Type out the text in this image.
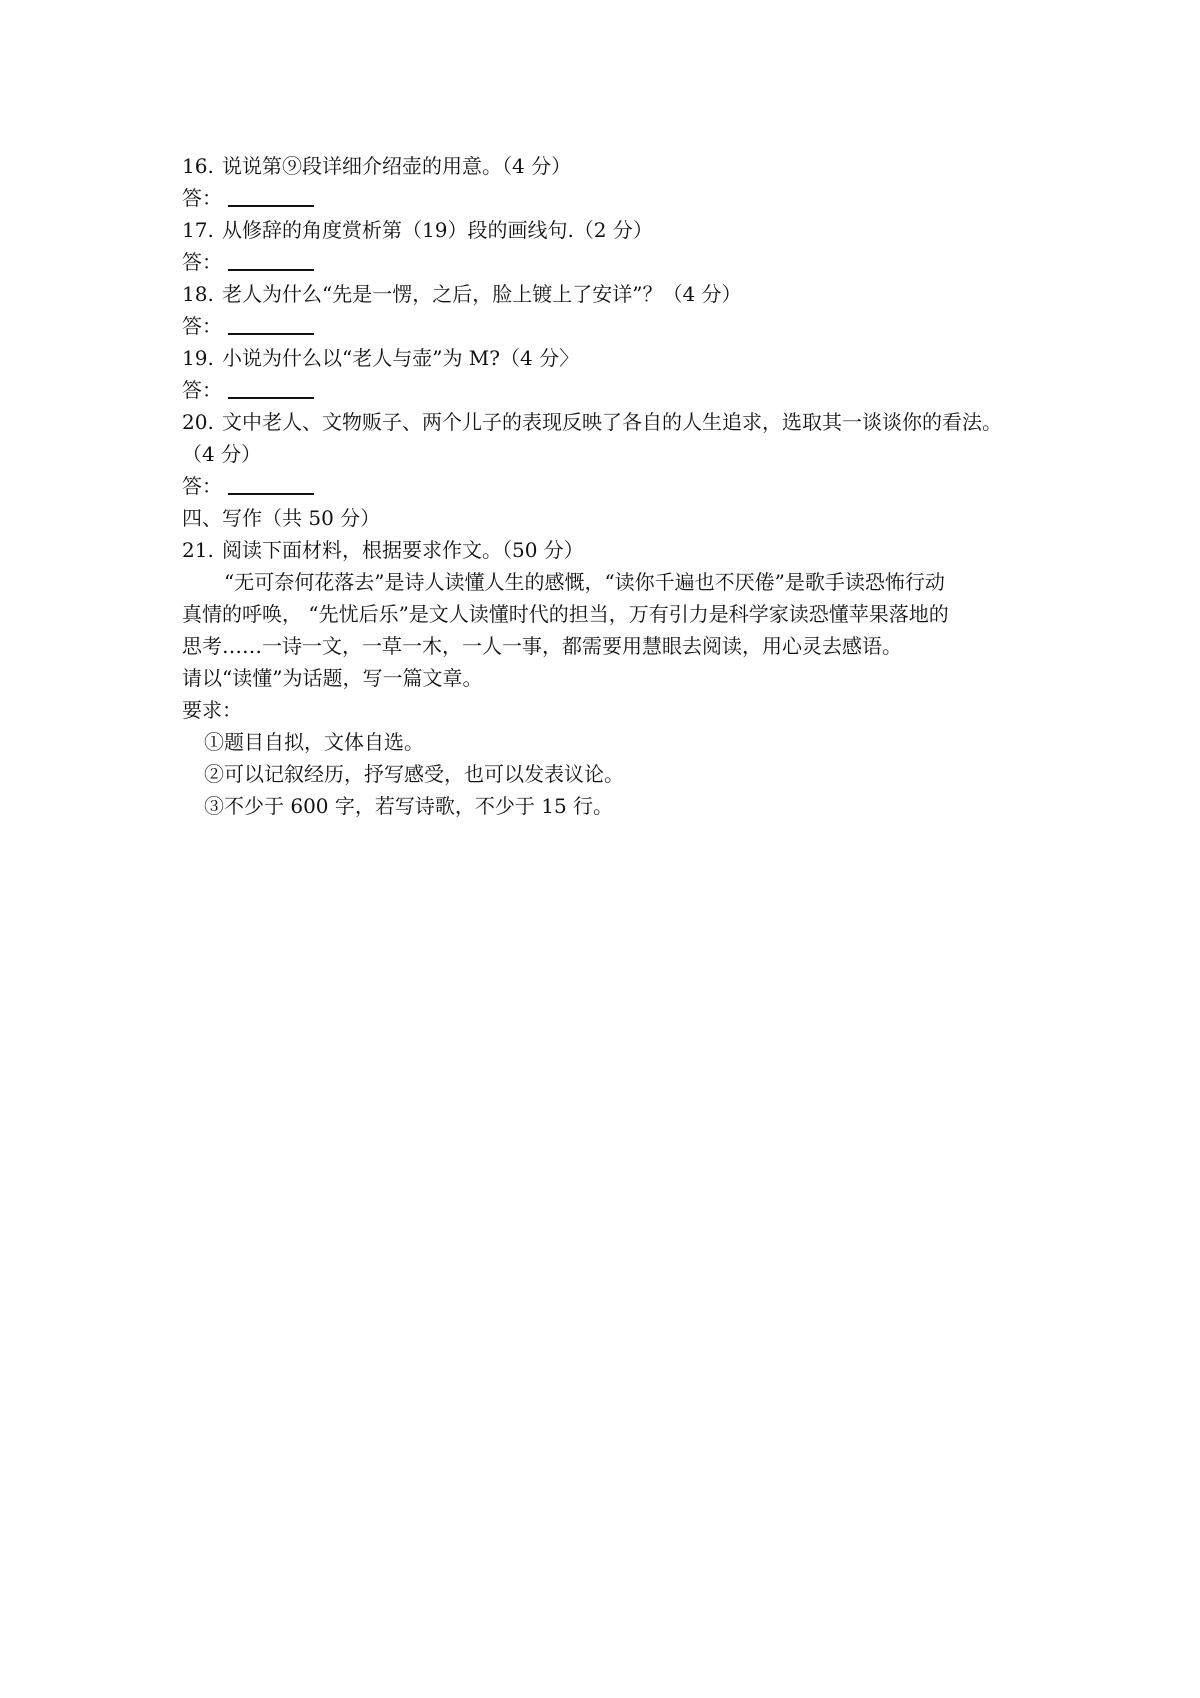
16. 说说第⑨段详细介绍壶的用意。（4 分）
答：
17. 从修辞的角度赏析第（19）段的画线句.（2 分）
答：
18. 老人为什么“先是一愣，之后，脸上镀上了安详”？（4 分）
答：
19. 小说为什么以“老人与壶”为 M?（4 分〉
答：
20. 文中老人、文物贩子、两个儿子的表现反映了各自的人生追求，选取其一谈谈你的看法。
（4 分）
答：
四、写作（共 50 分）
21. 阅读下面材料，根据要求作文。（50 分）
“无可奈何花落去”是诗人读懂人生的感慨，“读你千遍也不厌倦”是歌手读恐怖行动
真情的呼唤， “先忧后乐”是文人读懂时代的担当，万有引力是科学家读恐懂苹果落地的
思考……一诗一文，一草一木，一人一事，都需要用慧眼去阅读，用心灵去感语。
请以“读懂”为话题，写一篇文章。
要求：
①题目自拟，文体自选。
②可以记叙经历，抒写感受，也可以发表议论。
③不少于 600 字，若写诗歌，不少于 15 行。
